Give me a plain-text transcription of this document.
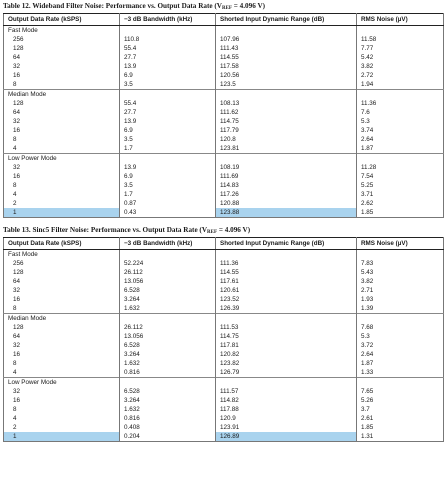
Table 12. Wideband Filter Noise: Performance vs. Output Data Rate ($V_{REF} = 4.096$ V)
Output Data Rate (kSPS)	−3 dB Bandwidth (kHz)	Shorted Input Dynamic Range (dB)	RMS Noise (µV)
Fast Mode			
256	110.8	107.96	11.58
128	55.4	111.43	7.77
64	27.7	114.55	5.42
32	13.9	117.58	3.82
16	6.9	120.56	2.72
8	3.5	123.5	1.94
Median Mode			
128	55.4	108.13	11.36
64	27.7	111.62	7.6
32	13.9	114.75	5.3
16	6.9	117.79	3.74
8	3.5	120.8	2.64
4	1.7	123.81	1.87
Low Power Mode			
32	13.9	108.19	11.28
16	6.9	111.69	7.54
8	3.5	114.83	5.25
4	1.7	117.26	3.71
2	0.87	120.88	2.62
1	0.43	123.88	1.85
Table 13. Sinc5 Filter Noise: Performance vs. Output Data Rate ($V_{REF} = 4.096$ V)
Output Data Rate (kSPS)	−3 dB Bandwidth (kHz)	Shorted Input Dynamic Range (dB)	RMS Noise (µV)
Fast Mode			
256	52.224	111.36	7.83
128	26.112	114.55	5.43
64	13.056	117.61	3.82
32	6.528	120.61	2.71
16	3.264	123.52	1.93
8	1.632	126.39	1.39
Median Mode			
128	26.112	111.53	7.68
64	13.056	114.75	5.3
32	6.528	117.81	3.72
16	3.264	120.82	2.64
8	1.632	123.82	1.87
4	0.816	126.79	1.33
Low Power Mode			
32	6.528	111.57	7.65
16	3.264	114.82	5.26
8	1.632	117.88	3.7
4	0.816	120.9	2.61
2	0.408	123.91	1.85
1	0.204	126.89	1.31
